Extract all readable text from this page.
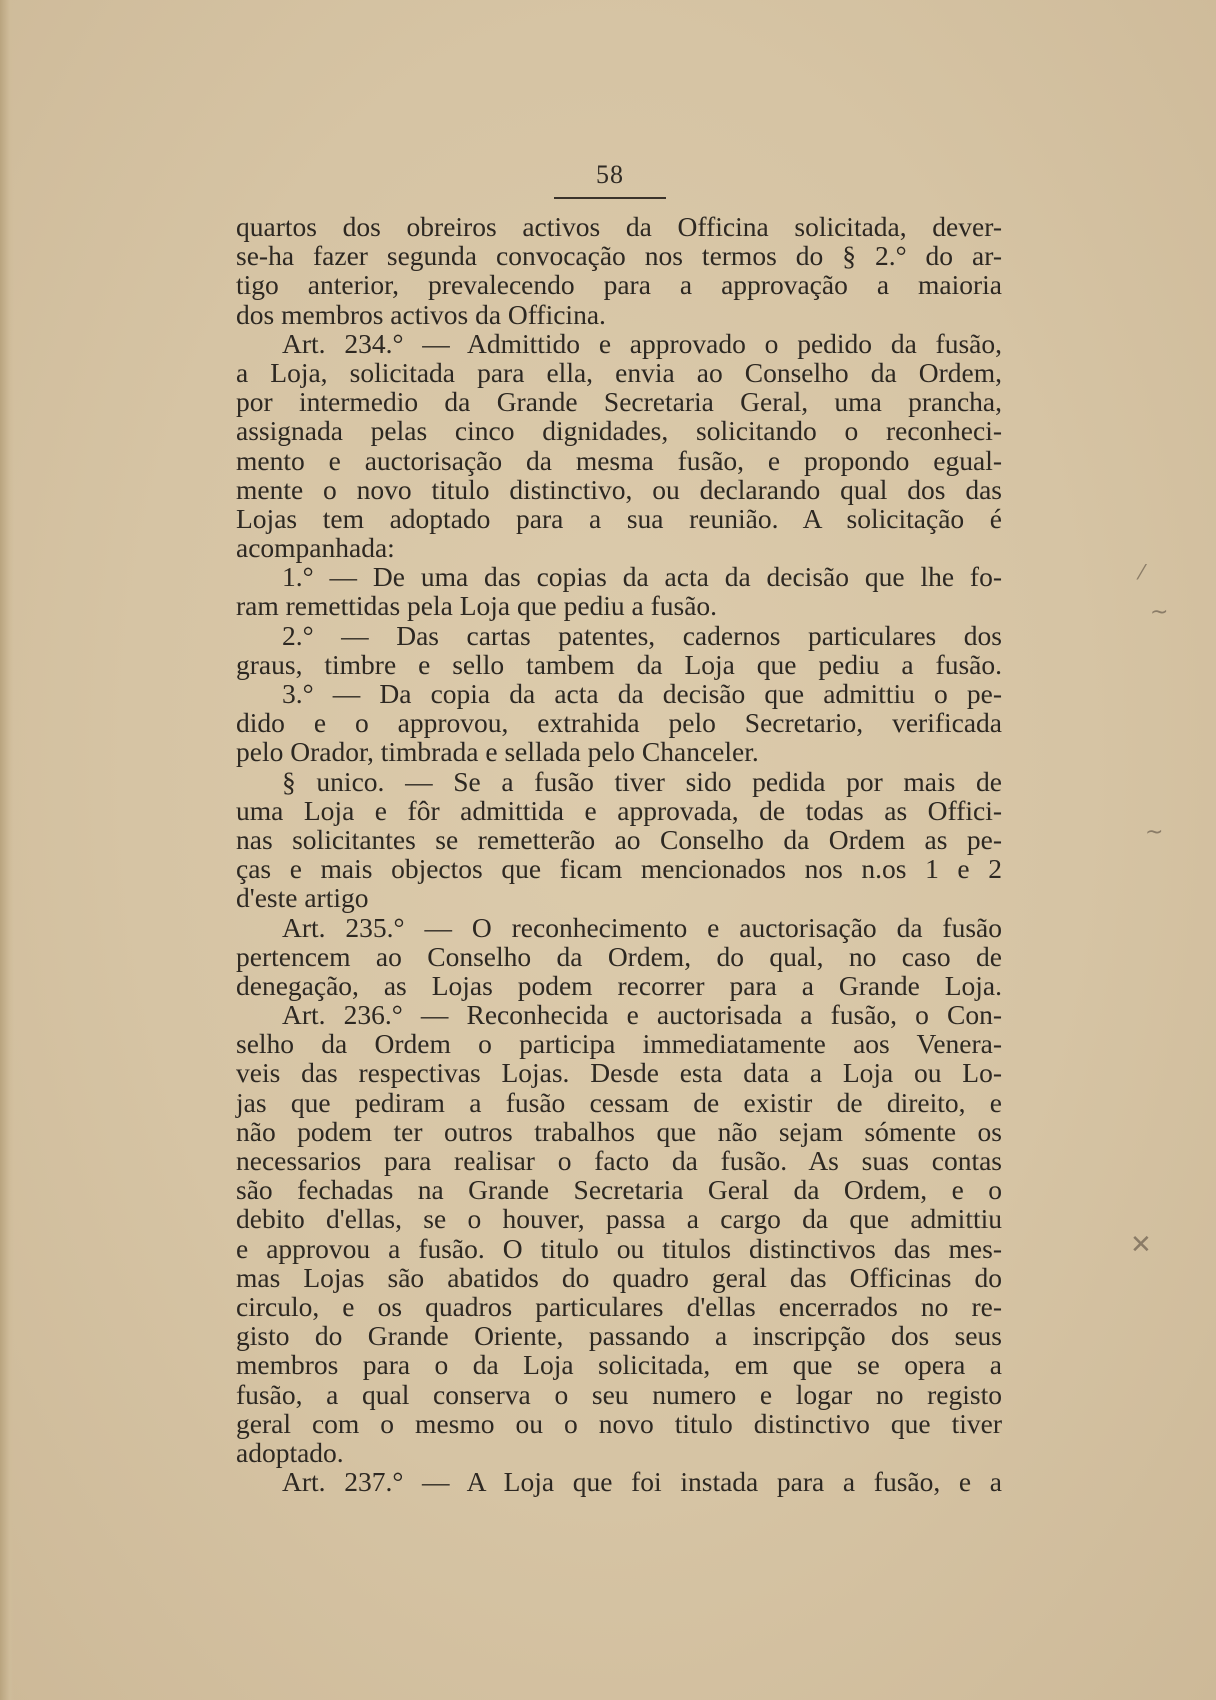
58
quartos dos obreiros activos da Officina solicitada, dever-
se-ha fazer segunda convocação nos termos do § 2.° do ar-
tigo anterior, prevalecendo para a approvação a maioria
dos membros activos da Officina.
Art. 234.° — Admittido e approvado o pedido da fusão,
a Loja, solicitada para ella, envia ao Conselho da Ordem,
por intermedio da Grande Secretaria Geral, uma prancha,
assignada pelas cinco dignidades, solicitando o reconheci-
mento e auctorisação da mesma fusão, e propondo egual-
mente o novo titulo distinctivo, ou declarando qual dos das
Lojas tem adoptado para a sua reunião. A solicitação é
acompanhada:
1.° — De uma das copias da acta da decisão que lhe fo-
ram remettidas pela Loja que pediu a fusão.
2.° — Das cartas patentes, cadernos particulares dos
graus, timbre e sello tambem da Loja que pediu a fusão.
3.° — Da copia da acta da decisão que admittiu o pe-
dido e o approvou, extrahida pelo Secretario, verificada
pelo Orador, timbrada e sellada pelo Chanceler.
§ unico. — Se a fusão tiver sido pedida por mais de
uma Loja e fôr admittida e approvada, de todas as Offici-
nas solicitantes se remetterão ao Conselho da Ordem as pe-
ças e mais objectos que ficam mencionados nos n.os 1 e 2
d'este artigo
Art. 235.° — O reconhecimento e auctorisação da fusão
pertencem ao Conselho da Ordem, do qual, no caso de
denegação, as Lojas podem recorrer para a Grande Loja.
Art. 236.° — Reconhecida e auctorisada a fusão, o Con-
selho da Ordem o participa immediatamente aos Venera-
veis das respectivas Lojas. Desde esta data a Loja ou Lo-
jas que pediram a fusão cessam de existir de direito, e
não podem ter outros trabalhos que não sejam sómente os
necessarios para realisar o facto da fusão. As suas contas
são fechadas na Grande Secretaria Geral da Ordem, e o
debito d'ellas, se o houver, passa a cargo da que admittiu
e approvou a fusão. O titulo ou titulos distinctivos das mes-
mas Lojas são abatidos do quadro geral das Officinas do
circulo, e os quadros particulares d'ellas encerrados no re-
gisto do Grande Oriente, passando a inscripção dos seus
membros para o da Loja solicitada, em que se opera a
fusão, a qual conserva o seu numero e logar no registo
geral com o mesmo ou o novo titulo distinctivo que tiver
adoptado.
Art. 237.° — A Loja que foi instada para a fusão, e a
⁄
~
~
✕
